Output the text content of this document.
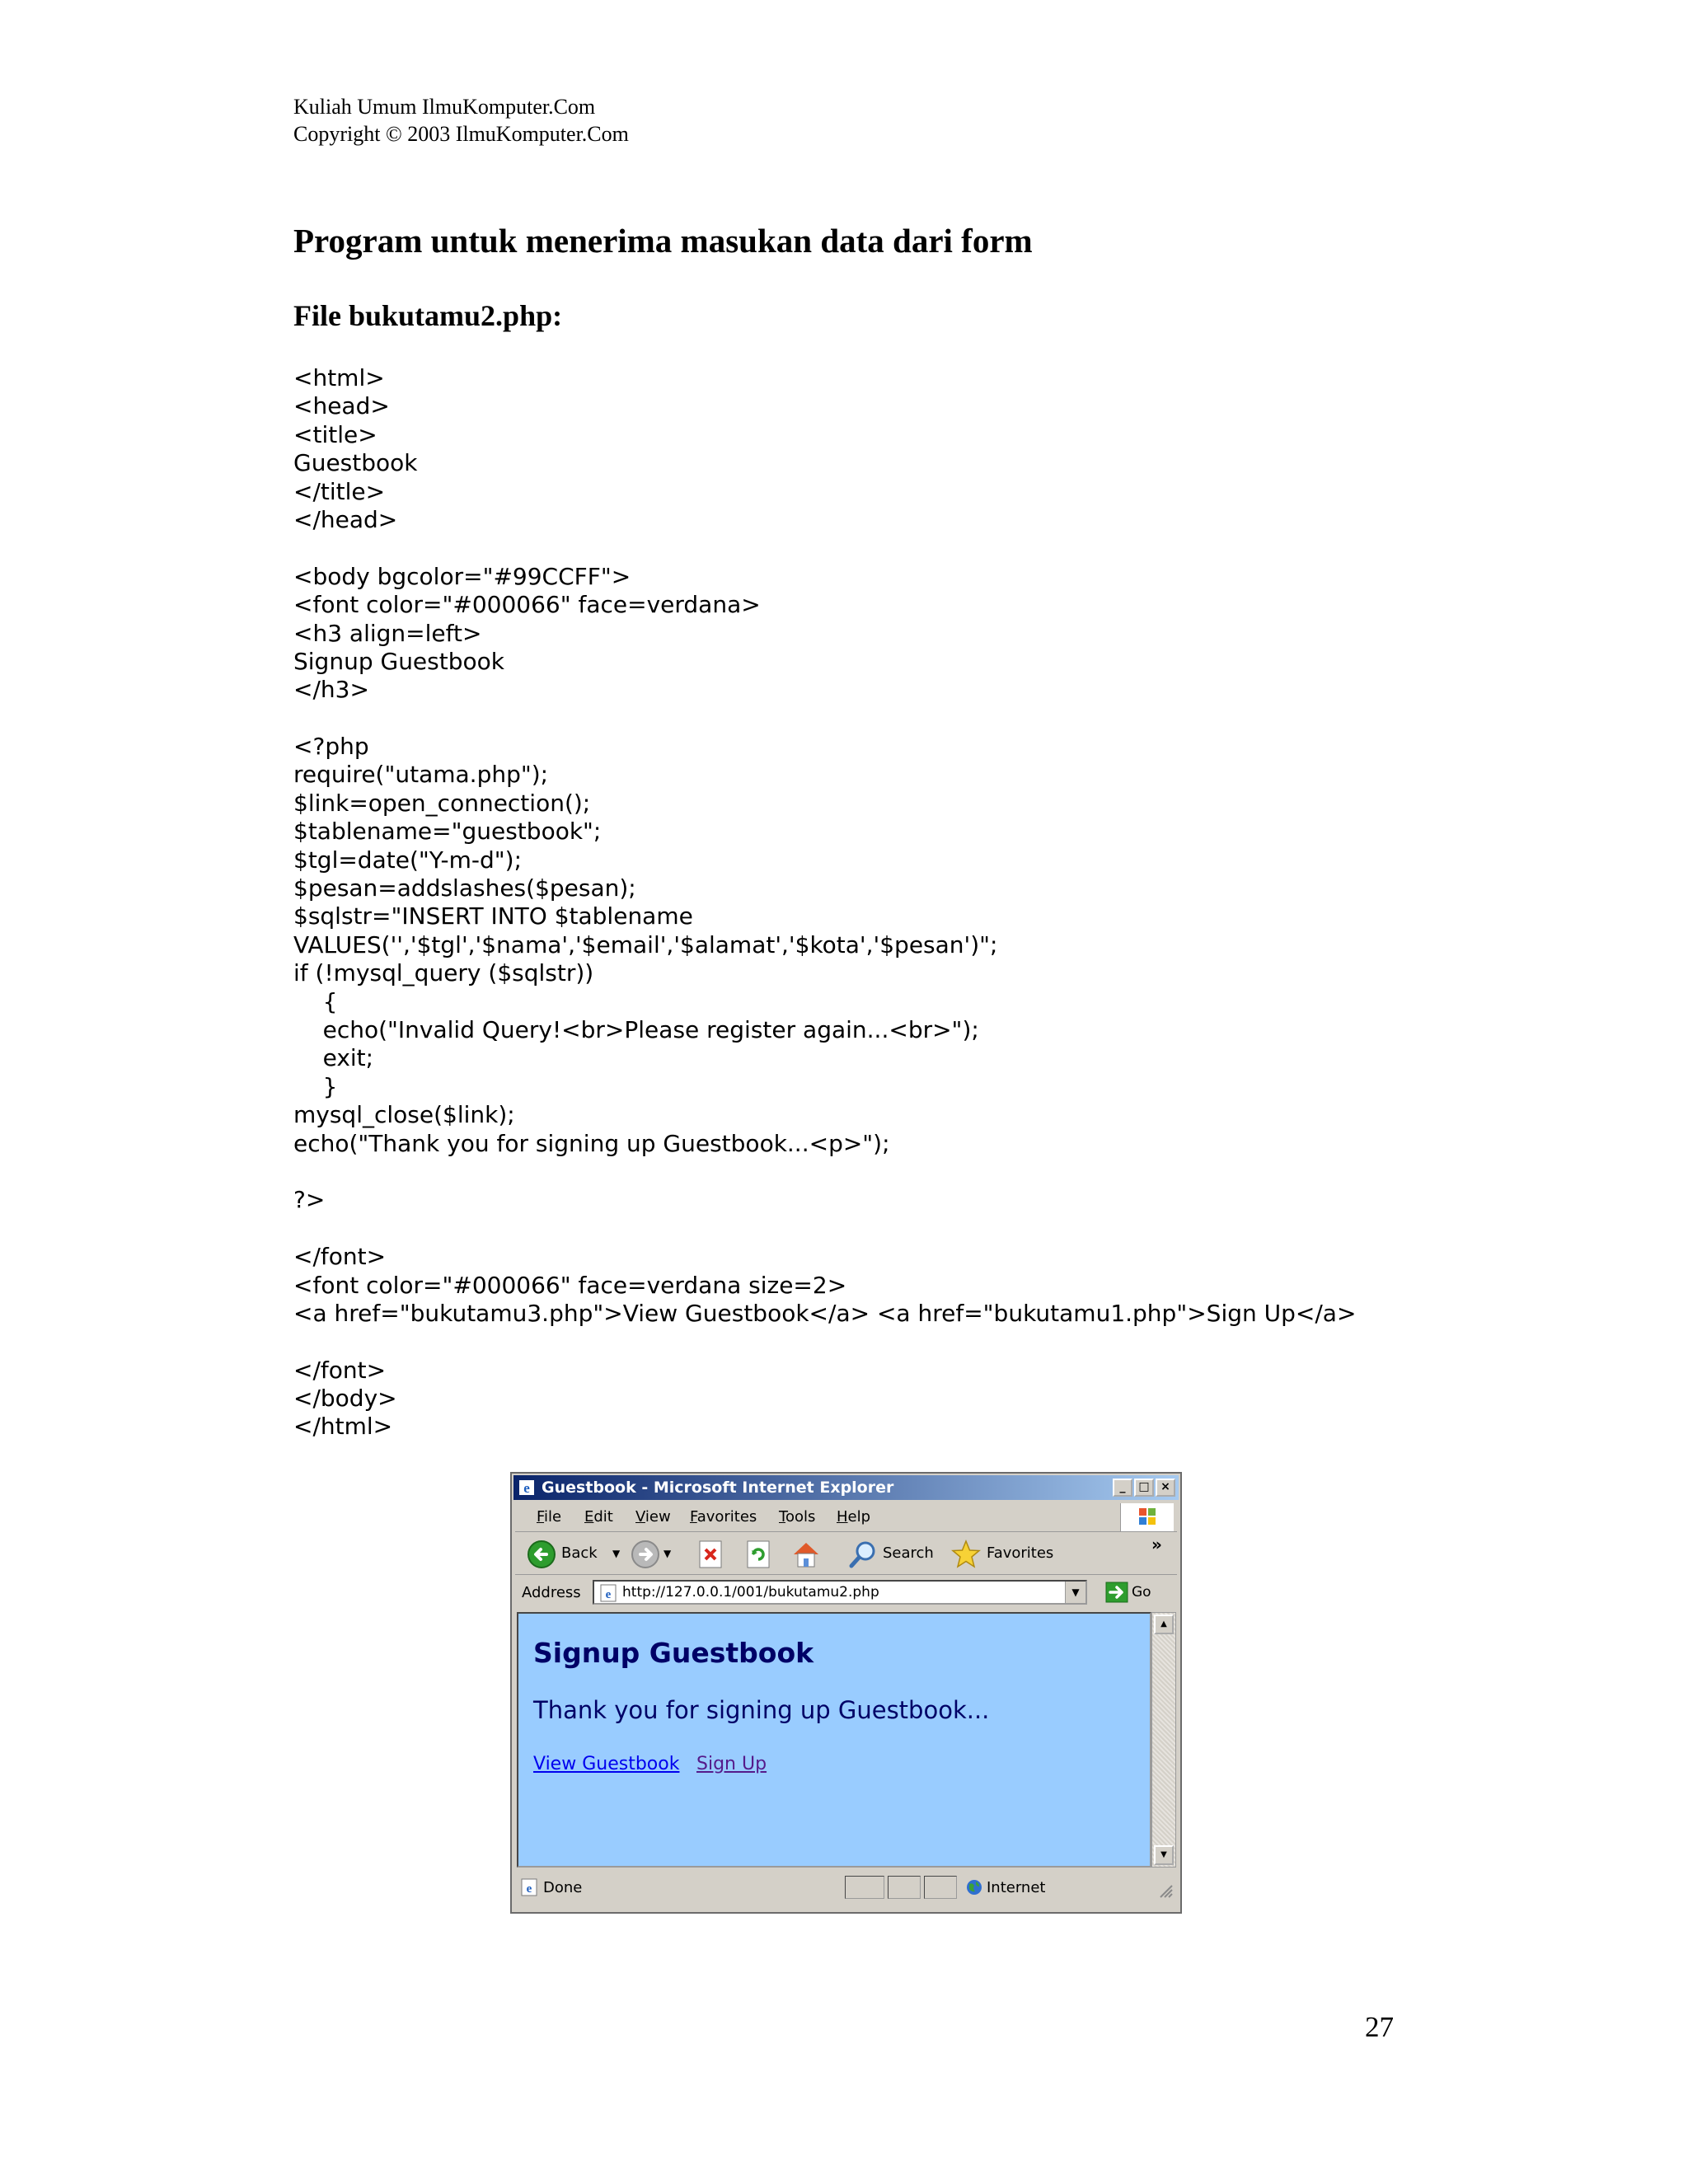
Kuliah Umum IlmuKomputer.Com
Copyright © 2003 IlmuKomputer.Com
Program untuk menerima masukan data dari form
File bukutamu2.php:
<html>
<head>
<title>
Guestbook
</title>
</head>
<body bgcolor="#99CCFF">
<font color="#000066" face=verdana>
<h3 align=left>
Signup Guestbook
</h3>
<?php
require("utama.php");
$link=open_connection();
$tablename="guestbook";
$tgl=date("Y-m-d");
$pesan=addslashes($pesan);
$sqlstr="INSERT INTO $tablename
VALUES('','$tgl','$nama','$email','$alamat','$kota','$pesan')";
if (!mysql_query ($sqlstr))
{
echo("Invalid Query!<br>Please register again...<br>");
exit;
}
mysql_close($link);
echo("Thank you for signing up Guestbook...<p>");
?>
</font>
<font color="#000066" face=verdana size=2>
<a href="bukutamu3.php">View Guestbook</a> <a href="bukutamu1.php">Sign Up</a>
</font>
</body>
</html>
e Guestbook - Microsoft Internet Explorer	_	□ ×
File Edit View Favorites Tools Help
Back ▼	▼	Search	Favorites	»
Address e http://127.0.0.1/001/bukutamu2.php	▼	Go
Signup Guestbook
Thank you for signing up Guestbook...
View Guestbook Sign Up
▲
▼
e Done	Internet
27
